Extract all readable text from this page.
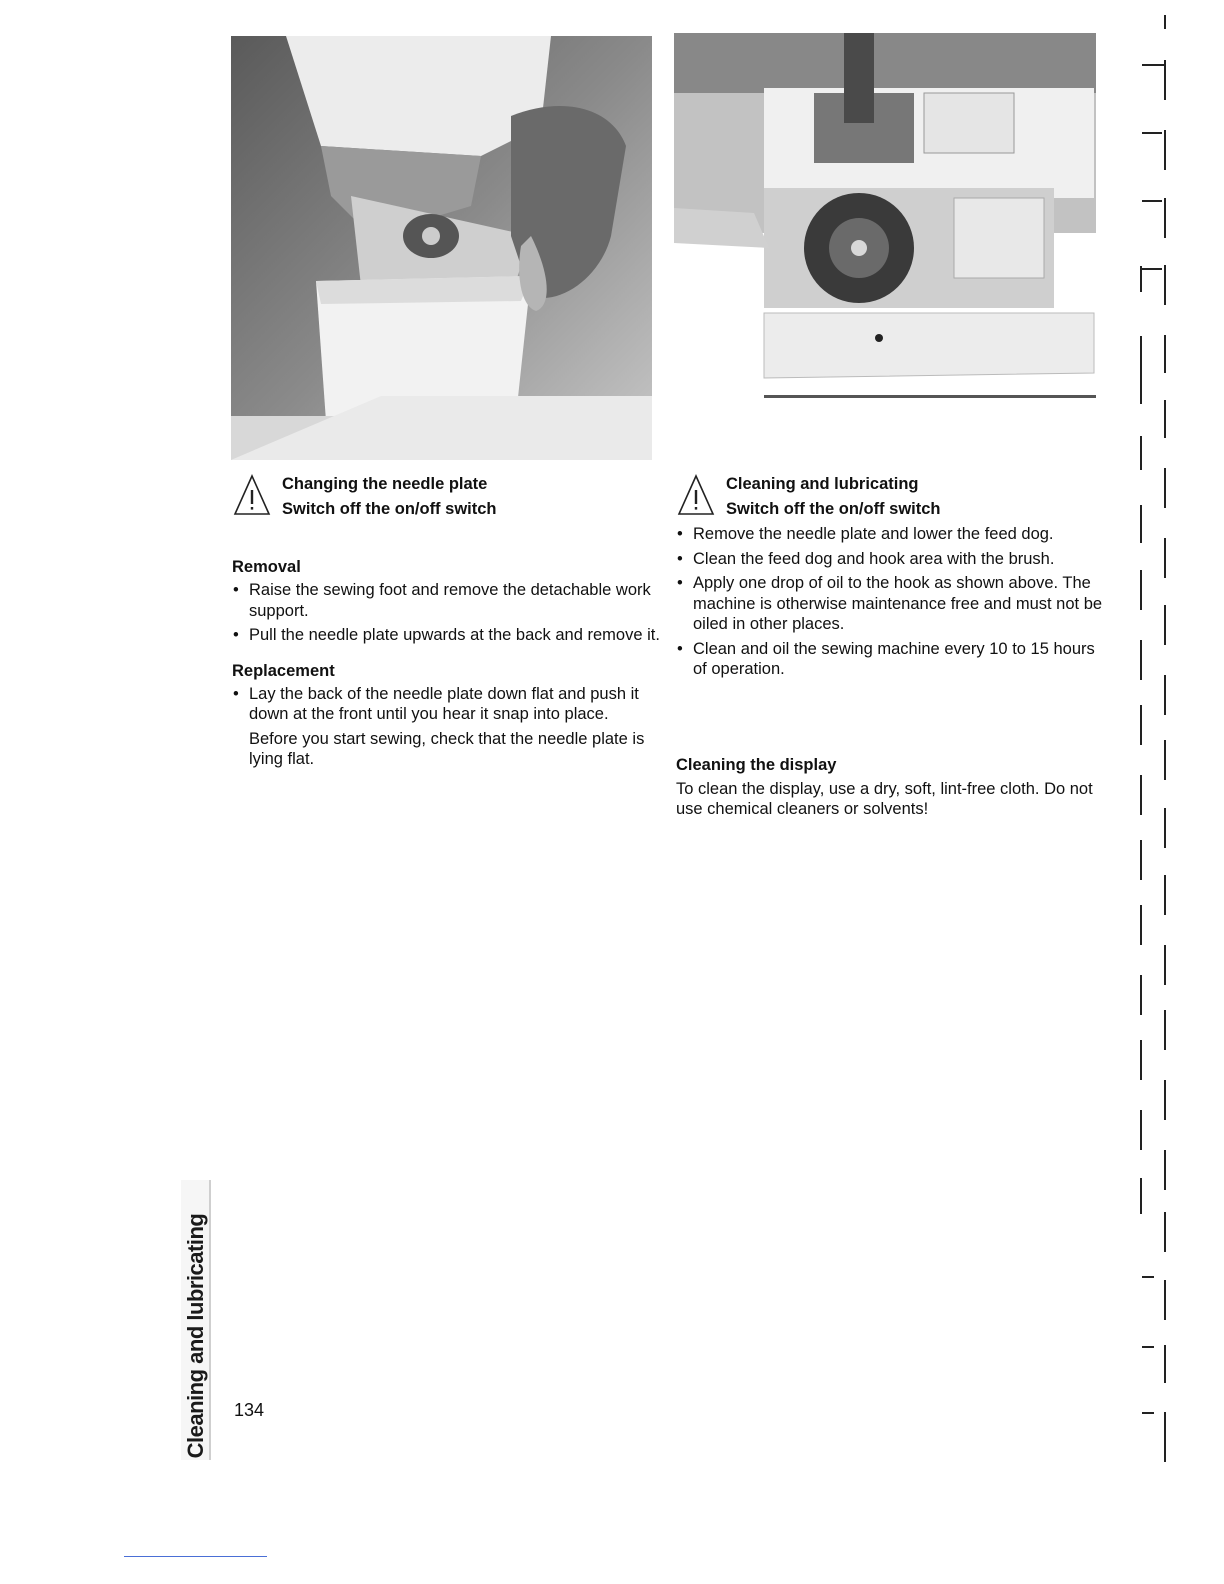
Changing the needle plate
Switch off the on/off switch
Removal
• Raise the sewing foot and remove the detachable work support.
• Pull the needle plate upwards at the back and remove it.
Replacement
• Lay the back of the needle plate down flat and push it down at the front until you hear it snap into place.

Before you start sewing, check that the needle plate is lying flat.

Cleaning and lubricating
Switch off the on/off switch
• Remove the needle plate and lower the feed dog.
• Clean the feed dog and hook area with the brush.
• Apply one drop of oil to the hook as shown above. The machine is otherwise maintenance free and must not be oiled in other places.
• Clean and oil the sewing machine every 10 to 15 hours of operation.
Cleaning the display

To clean the display, use a dry, soft, lint-free cloth. Do not use chemical cleaners or solvents!

Cleaning and lubricating 134
